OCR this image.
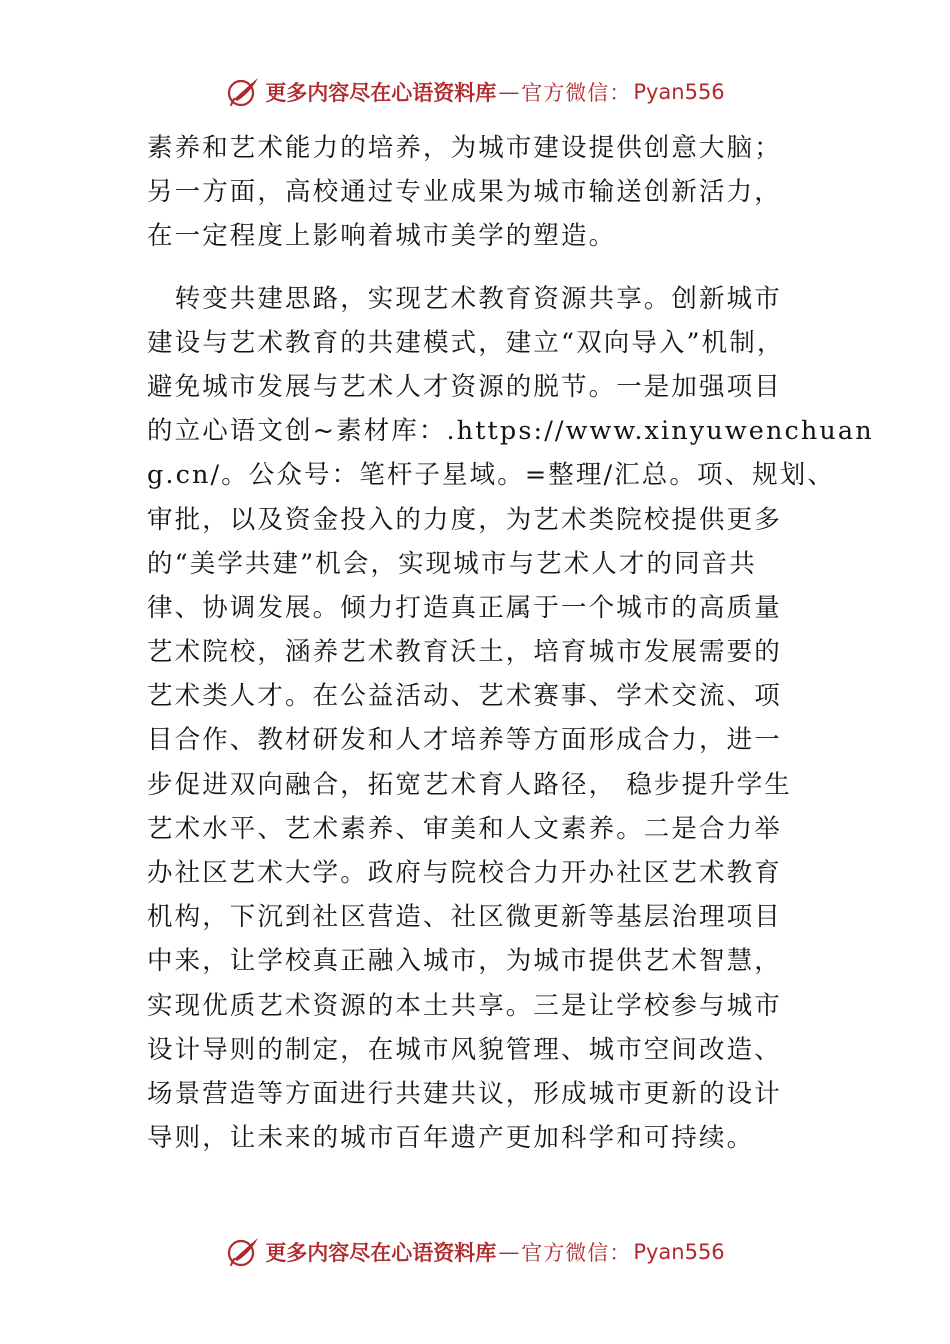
更多内容尽在心语资料库 — 官方微信： Pyan556
素养和艺术能力的培养，为城市建设提供创意大脑；
另一方面，高校通过专业成果为城市输送创新活力，
在一定程度上影响着城市美学的塑造。
　转变共建思路，实现艺术教育资源共享。创新城市
建设与艺术教育的共建模式，建立“双向导入”机制，
避免城市发展与艺术人才资源的脱节。一是加强项目
的立心语文创~素材库：.https://www.xinyuwenchuan
g.cn/。公众号：笔杆子星域。=整理/汇总。项、规划、
审批，以及资金投入的力度，为艺术类院校提供更多
的“美学共建”机会，实现城市与艺术人才的同音共
律、协调发展。倾力打造真正属于一个城市的高质量
艺术院校，涵养艺术教育沃土，培育城市发展需要的
艺术类人才。在公益活动、艺术赛事、学术交流、项
目合作、教材研发和人才培养等方面形成合力，进一
步促进双向融合，拓宽艺术育人路径， 稳步提升学生
艺术水平、艺术素养、审美和人文素养。二是合力举
办社区艺术大学。政府与院校合力开办社区艺术教育
机构，下沉到社区营造、社区微更新等基层治理项目
中来，让学校真正融入城市，为城市提供艺术智慧，
实现优质艺术资源的本土共享。三是让学校参与城市
设计导则的制定，在城市风貌管理、城市空间改造、
场景营造等方面进行共建共议，形成城市更新的设计
导则，让未来的城市百年遗产更加科学和可持续。
更多内容尽在心语资料库 — 官方微信： Pyan556
